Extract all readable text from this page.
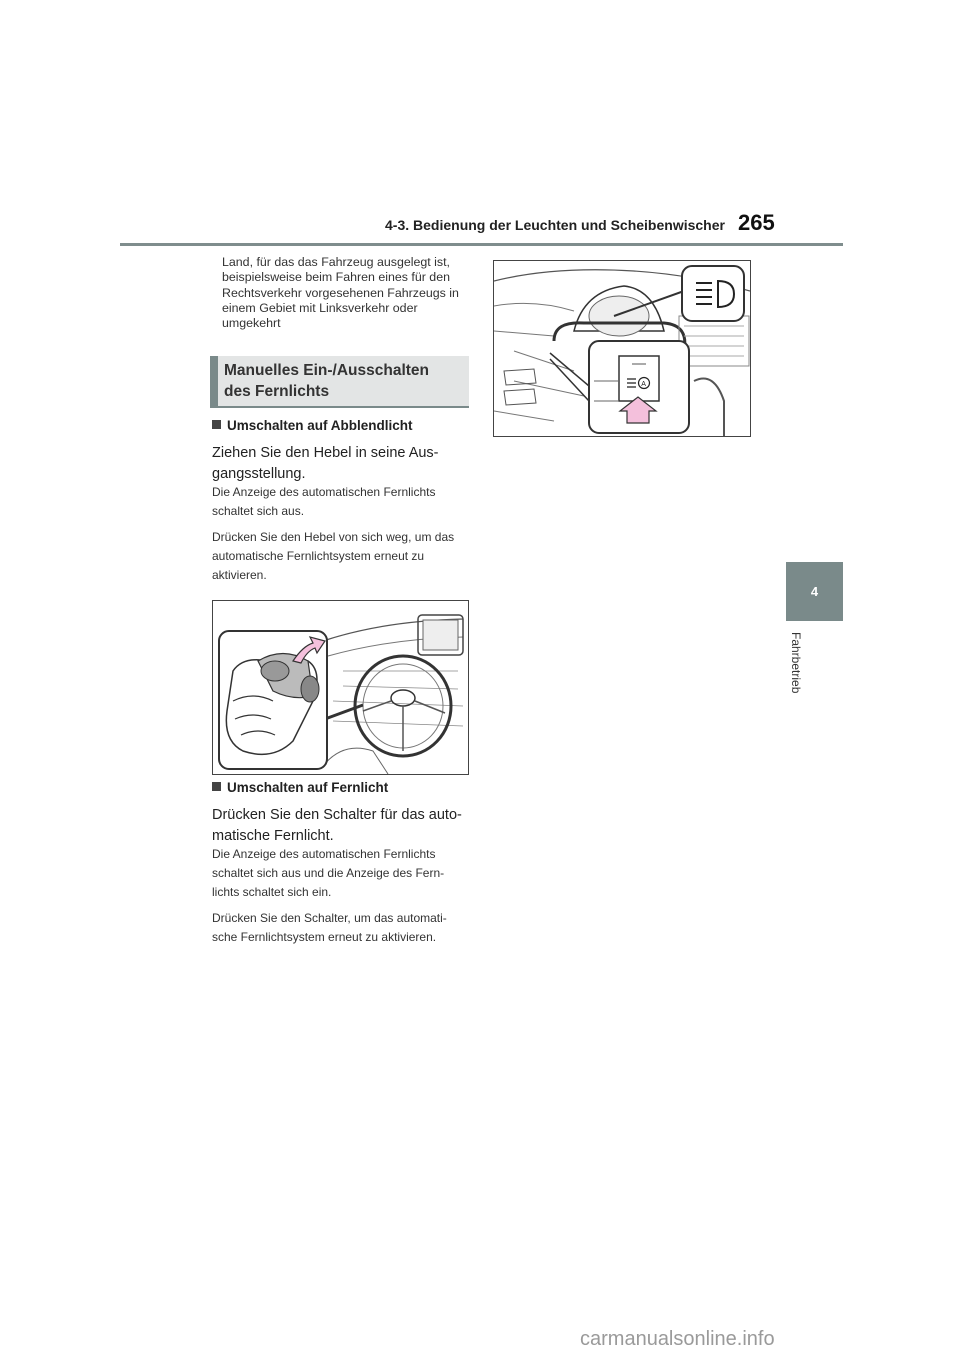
4-3. Bedienung der Leuchten und Scheibenwischer 265
4
Fahrbetrieb
Land, für das das Fahrzeug ausgelegt ist, beispielsweise beim Fahren eines für den Rechtsverkehr vorgesehenen Fahrzeugs in einem Gebiet mit Linksverkehr oder umgekehrt
Manuelles Ein-/Ausschalten
des Fernlichts
Umschalten auf Abblendlicht
Ziehen Sie den Hebel in seine Aus-gangsstellung.
Die Anzeige des automatischen Fernlichts schaltet sich aus.
Drücken Sie den Hebel von sich weg, um das automatische Fernlichtsystem erneut zu aktivieren.
Umschalten auf Fernlicht
Drücken Sie den Schalter für das auto-matische Fernlicht.
Die Anzeige des automatischen Fernlichts schaltet sich aus und die Anzeige des Fern-lichts schaltet sich ein.
Drücken Sie den Schalter, um das automati-sche Fernlichtsystem erneut zu aktivieren.
A
carmanualsonline.info
